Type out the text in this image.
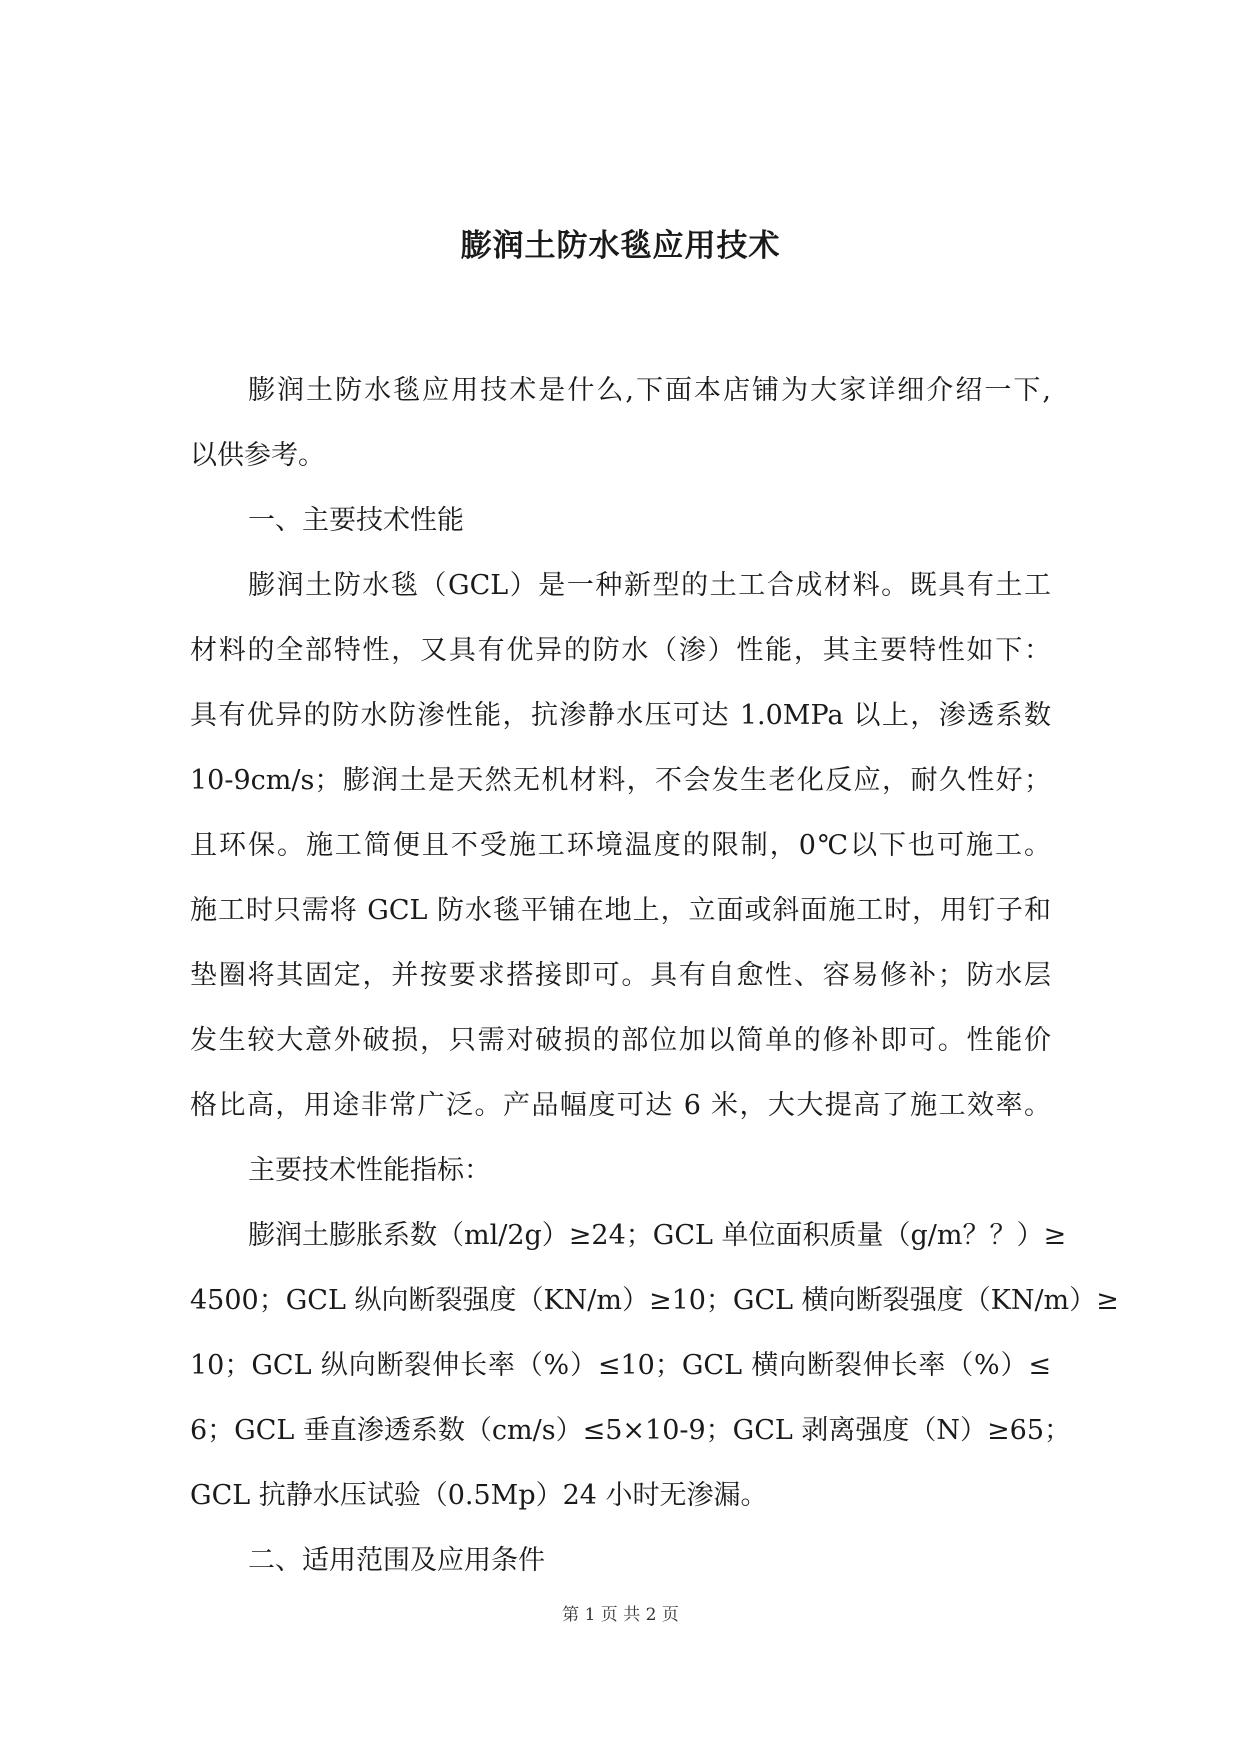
膨润土防水毯应用技术
膨润土防水毯应用技术是什么,下面本店铺为大家详细介绍一下,
以供参考。
一、主要技术性能
膨润土防水毯（GCL）是一种新型的土工合成材料。既具有土工
材料的全部特性，又具有优异的防水（渗）性能，其主要特性如下：
具有优异的防水防渗性能，抗渗静水压可达 1.0MPa 以上，渗透系数
10-9cm/s；膨润土是天然无机材料，不会发生老化反应，耐久性好；
且环保。施工简便且不受施工环境温度的限制，0℃以下也可施工。
施工时只需将 GCL 防水毯平铺在地上，立面或斜面施工时，用钉子和
垫圈将其固定，并按要求搭接即可。具有自愈性、容易修补；防水层
发生较大意外破损，只需对破损的部位加以简单的修补即可。性能价
格比高，用途非常广泛。产品幅度可达 6 米，大大提高了施工效率。
主要技术性能指标：
膨润土膨胀系数（ml/2g）≥24；GCL 单位面积质量（g/m？？）≥
4500；GCL 纵向断裂强度（KN/m）≥10；GCL 横向断裂强度（KN/m）≥
10；GCL 纵向断裂伸长率（%）≤10；GCL 横向断裂伸长率（%）≤
6；GCL 垂直渗透系数（cm/s）≤5×10-9；GCL 剥离强度（N）≥65；
GCL 抗静水压试验（0.5Mp）24 小时无渗漏。
二、适用范围及应用条件
第 1 页 共 2 页
